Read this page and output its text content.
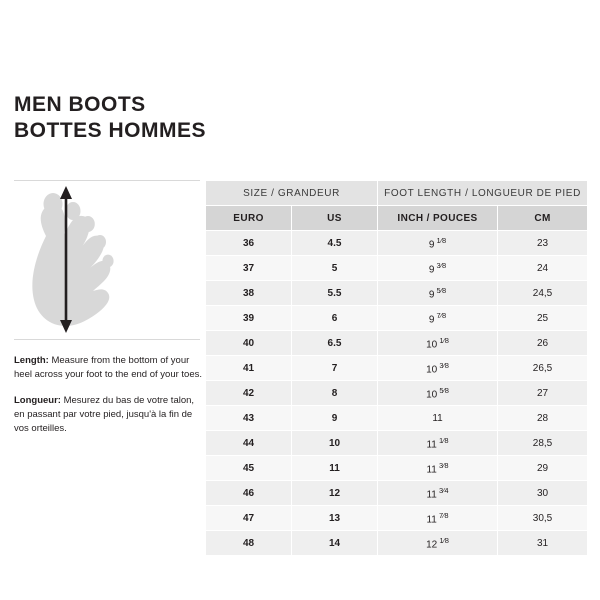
MEN BOOTS
BOTTES HOMMES

Length: Measure from the bottom of your heel across your foot to the end of your toes.

Longueur: Mesurez du bas de votre talon, en passant par votre pied, jusqu'à la fin de vos orteilles.

SIZE / GRANDEUR		FOOT LENGTH / LONGUEUR DE PIED	
EURO	US	INCH / POUCES	CM
36	4.5	9 $^{1⁄8}$	23
37	5	9 $^{3⁄8}$	24
38	5.5	9 $^{5⁄8}$	24,5
39	6	9 $^{7⁄8}$	25
40	6.5	10 $^{1⁄8}$	26
41	7	10 $^{3⁄8}$	26,5
42	8	10 $^{5⁄8}$	27
43	9	11	28
44	10	11 $^{1⁄8}$	28,5
45	11	11 $^{3⁄8}$	29
46	12	11 $^{3⁄4}$	30
47	13	11 $^{7⁄8}$	30,5
48	14	12 $^{1⁄8}$	31
